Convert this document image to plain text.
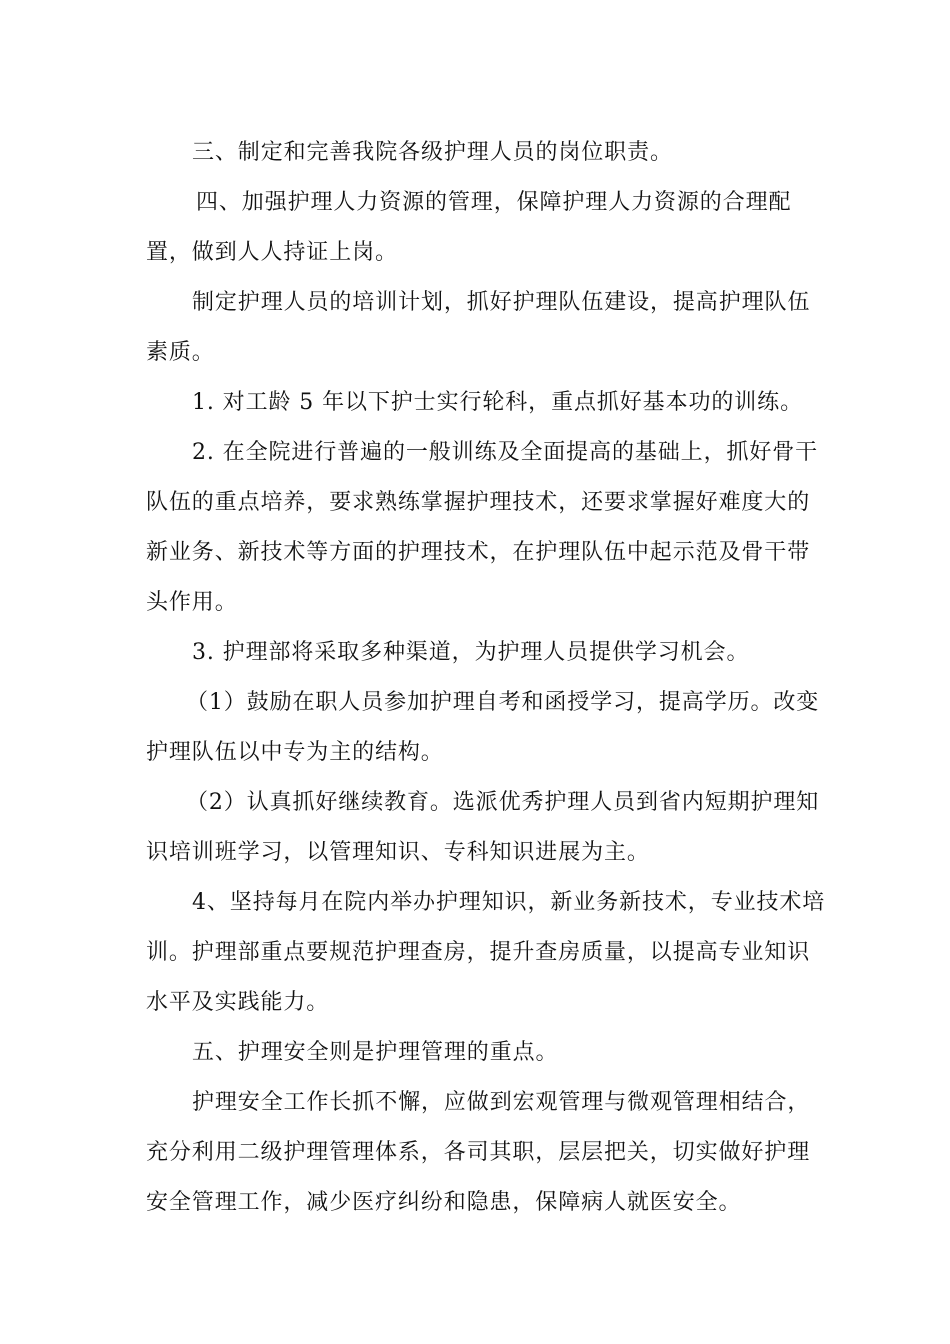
三、制定和完善我院各级护理人员的岗位职责。
四、加强护理人力资源的管理，保障护理人力资源的合理配
置，做到人人持证上岗。
制定护理人员的培训计划，抓好护理队伍建设，提高护理队伍
素质。
1. 对工龄 5 年以下护士实行轮科，重点抓好基本功的训练。
2. 在全院进行普遍的一般训练及全面提高的基础上，抓好骨干
队伍的重点培养，要求熟练掌握护理技术，还要求掌握好难度大的
新业务、新技术等方面的护理技术，在护理队伍中起示范及骨干带
头作用。
3. 护理部将采取多种渠道，为护理人员提供学习机会。
（1）鼓励在职人员参加护理自考和函授学习，提高学历。改变
护理队伍以中专为主的结构。
（2）认真抓好继续教育。选派优秀护理人员到省内短期护理知
识培训班学习，以管理知识、专科知识进展为主。
4、坚持每月在院内举办护理知识，新业务新技术，专业技术培
训。护理部重点要规范护理查房，提升查房质量，以提高专业知识
水平及实践能力。
五、护理安全则是护理管理的重点。
护理安全工作长抓不懈，应做到宏观管理与微观管理相结合，
充分利用二级护理管理体系，各司其职，层层把关，切实做好护理
安全管理工作，减少医疗纠纷和隐患，保障病人就医安全。
